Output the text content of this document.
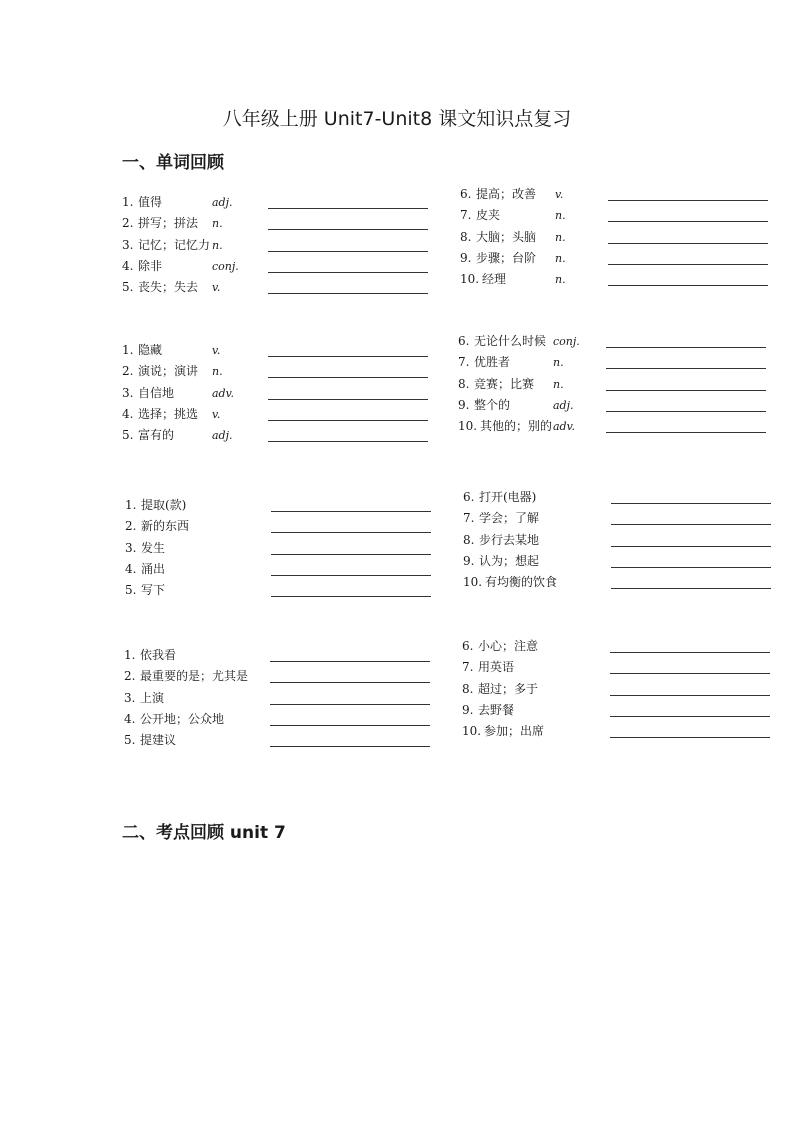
八年级上册 Unit7-Unit8 课文知识点复习
一、单词回顾
1. 值得	adj.
2. 拼写；拼法 n.
3. 记忆；记忆力 n.
4. 除非	conj.
5. 丧失；失去 v.
6. 提高；改善 v.
7. 皮夹	n.
8. 大脑；头脑 n.
9. 步骤；台阶 n.
10. 经理	n.
1. 隐藏	v.
2. 演说；演讲 n.
3. 自信地	adv.
4. 选择；挑选 v.
5. 富有的	adj.
6. 无论什么时候 conj.
7. 优胜者	n.
8. 竞赛；比赛 n.
9. 整个的	adj.
10. 其他的；别的 adv.
1. 提取(款)
2. 新的东西
3. 发生
4. 涌出
5. 写下
6. 打开(电器)
7. 学会；了解
8. 步行去某地
9. 认为；想起
10. 有均衡的饮食
1. 依我看
2. 最重要的是；尤其是
3. 上演
4. 公开地；公众地
5. 提建议
6. 小心；注意
7. 用英语
8. 超过；多于
9. 去野餐
10. 参加；出席
二、考点回顾 unit 7
